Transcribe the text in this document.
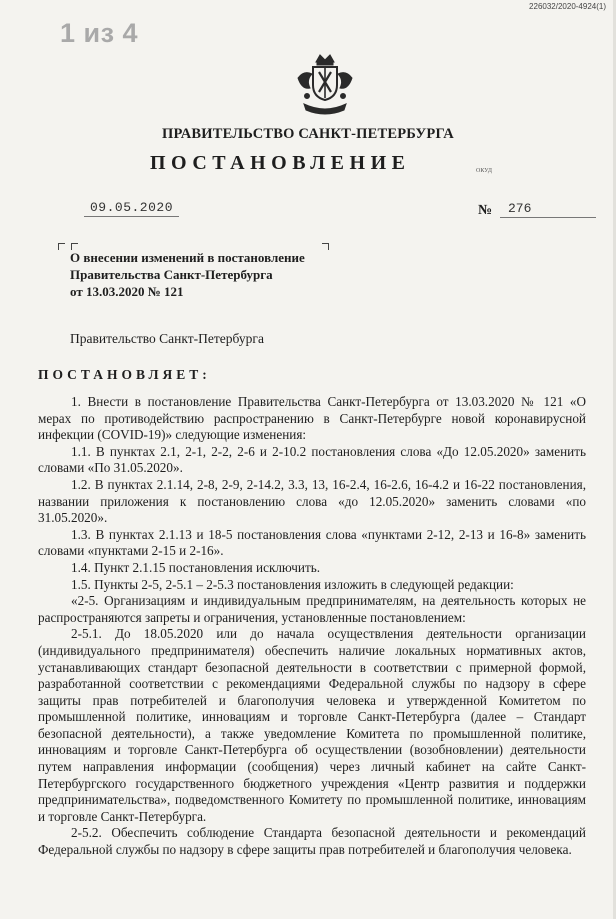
1 из 4
226032/2020-4924(1)
ПРАВИТЕЛЬСТВО САНКТ-ПЕТЕРБУРГА
ПОСТАНОВЛЕНИЕ	ОКУД
09.05.2020	№	276
О внесении изменений в постановление
Правительства Санкт-Петербурга
от 13.03.2020 № 121
Правительство Санкт-Петербурга
ПОСТАНОВЛЯЕТ:

1. Внести в постановление Правительства Санкт-Петербурга от 13.03.2020 № 121 «О мерах по противодействию распространению в Санкт-Петербурге новой коронавирусной инфекции (COVID-19)» следующие изменения:

1.1. В пунктах 2.1, 2-1, 2-2, 2-6 и 2-10.2 постановления слова «До 12.05.2020» заменить словами «По 31.05.2020».

1.2. В пунктах 2.1.14, 2-8, 2-9, 2-14.2, 3.3, 13, 16-2.4, 16-2.6, 16-4.2 и 16-22 постановления, названии приложения к постановлению слова «до 12.05.2020» заменить словами «по 31.05.2020».

1.3. В пунктах 2.1.13 и 18-5 постановления слова «пунктами 2-12, 2-13 и 16-8» заменить словами «пунктами 2-15 и 2-16».

1.4. Пункт 2.1.15 постановления исключить.

1.5. Пункты 2-5, 2-5.1 – 2-5.3 постановления изложить в следующей редакции:

«2-5. Организациям и индивидуальным предпринимателям, на деятельность которых не распространяются запреты и ограничения, установленные постановлением:

2-5.1. До 18.05.2020 или до начала осуществления деятельности организации (индивидуального предпринимателя) обеспечить наличие локальных нормативных актов, устанавливающих стандарт безопасной деятельности в соответствии с примерной формой, разработанной соответствии с рекомендациями Федеральной службы по надзору в сфере защиты прав потребителей и благополучия человека и утвержденной Комитетом по промышленной политике, инновациям и торговле Санкт-Петербурга (далее – Стандарт безопасной деятельности), а также уведомление Комитета по промышленной политике, инновациям и торговле Санкт-Петербурга об осуществлении (возобновлении) деятельности путем направления информации (сообщения) через личный кабинет на сайте Санкт-Петербургского государственного бюджетного учреждения «Центр развития и поддержки предпринимательства», подведомственного Комитету по промышленной политике, инновациям и торговле Санкт-Петербурга.

2-5.2. Обеспечить соблюдение Стандарта безопасной деятельности и рекомендаций Федеральной службы по надзору в сфере защиты прав потребителей и благополучия человека.
